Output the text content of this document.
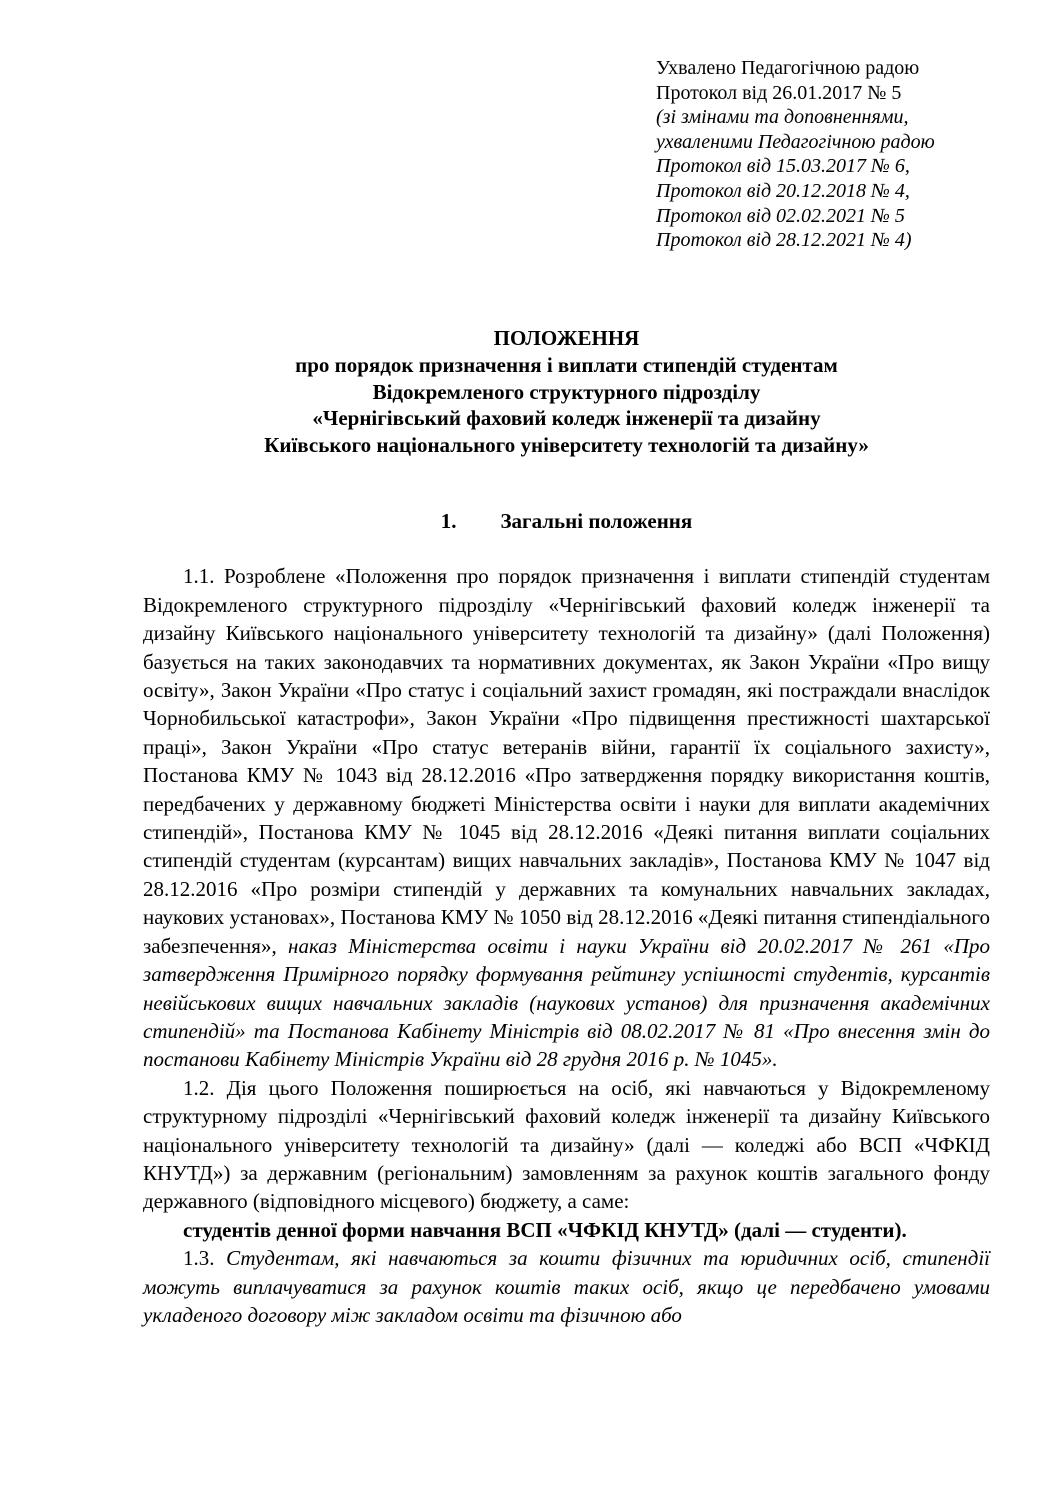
Ухвалено Педагогічною радою
Протокол від 26.01.2017 № 5
(зі змінами та доповненнями,
ухваленими Педагогічною радою
Протокол від 15.03.2017 № 6,
Протокол від 20.12.2018 № 4,
Протокол від 02.02.2021 № 5
Протокол від 28.12.2021 № 4)
ПОЛОЖЕННЯ
про порядок призначення і виплати стипендій студентам
Відокремленого структурного підрозділу
«Чернігівський фаховий коледж інженерії та дизайну
Київського національного університету технологій та дизайну»
1. Загальні положення

1.1. Розроблене «Положення про порядок призначення і виплати стипендій студентам Відокремленого структурного підрозділу «Чернігівський фаховий коледж інженерії та дизайну Київського національного університету технологій та дизайну» (далі Положення) базується на таких законодавчих та нормативних документах, як Закон України «Про вищу освіту», Закон України «Про статус і соціальний захист громадян, які постраждали внаслідок Чорнобильської катастрофи», Закон України «Про підвищення престижності шахтарської праці», Закон України «Про статус ветеранів війни, гарантії їх соціального захисту», Постанова КМУ № 1043 від 28.12.2016 «Про затвердження порядку використання коштів, передбачених у державному бюджеті Міністерства освіти і науки для виплати академічних стипендій», Постанова КМУ № 1045 від 28.12.2016 «Деякі питання виплати соціальних стипендій студентам (курсантам) вищих навчальних закладів», Постанова КМУ № 1047 від 28.12.2016 «Про розміри стипендій у державних та комунальних навчальних закладах, наукових установах», Постанова КМУ № 1050 від 28.12.2016 «Деякі питання стипендіального забезпечення», наказ Міністерства освіти і науки України від 20.02.2017 № 261 «Про затвердження Примірного порядку формування рейтингу успішності студентів, курсантів невійськових вищих навчальних закладів (наукових установ) для призначення академічних стипендій» та Постанова Кабінету Міністрів від 08.02.2017 № 81 «Про внесення змін до постанови Кабінету Міністрів України від 28 грудня 2016 р. № 1045».

1.2. Дія цього Положення поширюється на осіб, які навчаються у Відокремленому структурному підрозділі «Чернігівський фаховий коледж інженерії та дизайну Київського національного університету технологій та дизайну» (далі — коледжі або ВСП «ЧФКІД КНУТД») за державним (регіональним) замовленням за рахунок коштів загального фонду державного (відповідного місцевого) бюджету, а саме:

студентів денної форми навчання ВСП «ЧФКІД КНУТД» (далі — студенти).

1.3. Студентам, які навчаються за кошти фізичних та юридичних осіб, стипендії можуть виплачуватися за рахунок коштів таких осіб, якщо це передбачено умовами укладеного договору між закладом освіти та фізичною або
